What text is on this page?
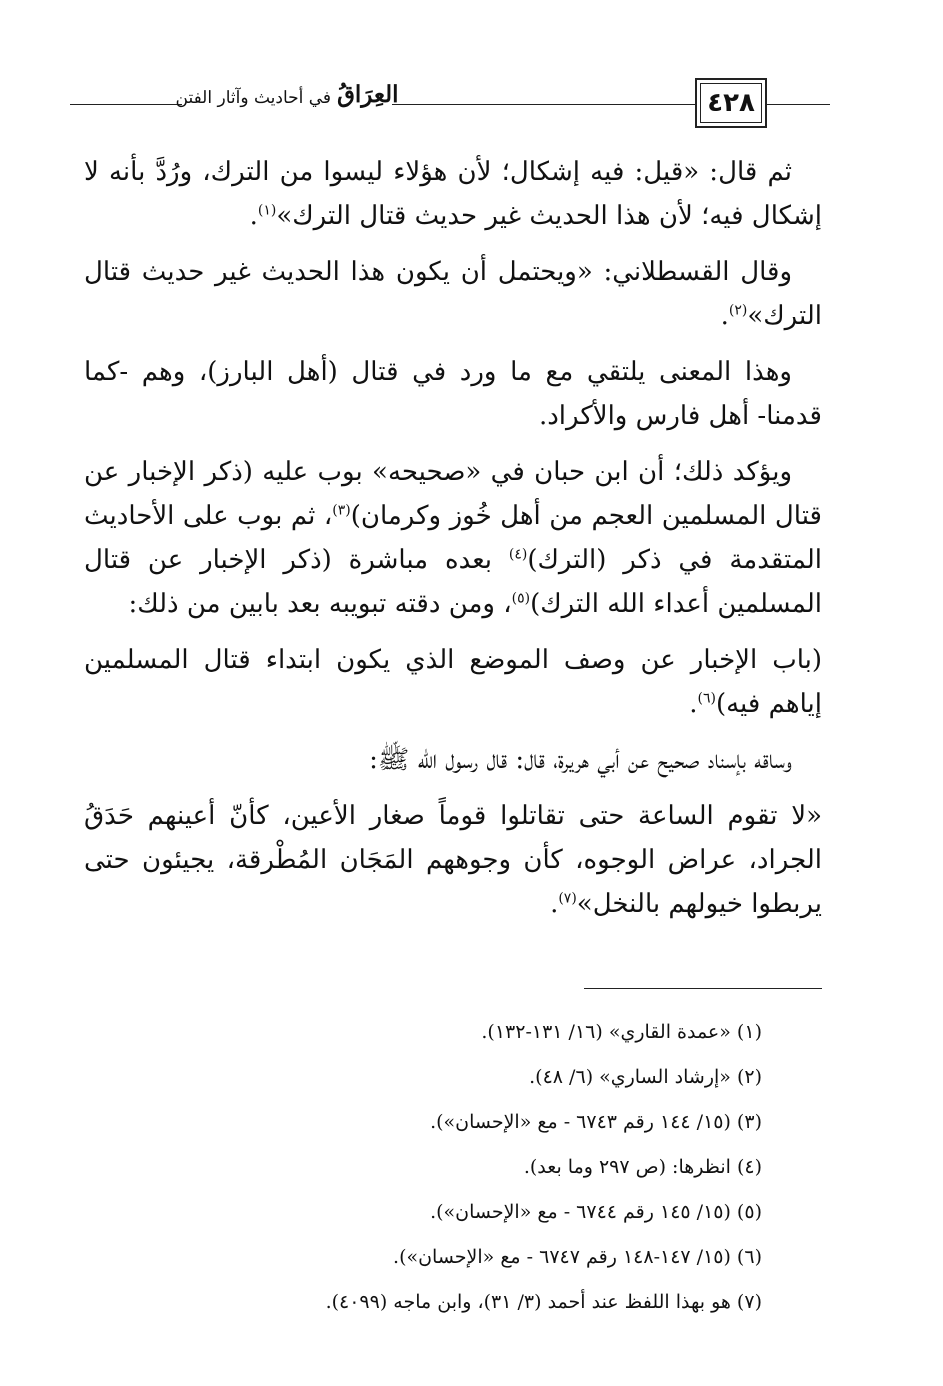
العِرَاقُ
في أحاديث وآثار الفتن	٤٢٨

ثم قال: «قيل: فيه إشكال؛ لأن هؤلاء ليسوا من الترك، ورُدَّ بأنه لا إشكال فيه؛ لأن هذا الحديث غير حديث قتال الترك»$^{(١)}$.

وقال القسطلاني: «ويحتمل أن يكون هذا الحديث غير حديث قتال الترك»$^{(٢)}$.

وهذا المعنى يلتقي مع ما ورد في قتال (أهل البارز)، وهم -كما قدمنا- أهل فارس والأكراد.

ويؤكد ذلك؛ أن ابن حبان في «صحيحه» بوب عليه (ذكر الإخبار عن قتال المسلمين العجم من أهل خُوز وكرمان)$^{(٣)}$، ثم بوب على الأحاديث المتقدمة في ذكر (الترك)$^{(٤)}$ بعده مباشرة (ذكر الإخبار عن قتال المسلمين أعداء الله الترك)$^{(٥)}$، ومن دقته تبويبه بعد بابين من ذلك:

(باب الإخبار عن وصف الموضع الذي يكون ابتداء قتال المسلمين إياهم فيه)$^{(٦)}$.

وساقه بإسناد صحيح عن أبي هريرة، قال: قال رسول الله ﷺ:

«لا تقوم الساعة حتى تقاتلوا قوماً صغار الأعين، كأنّ أعينهم حَدَقُ الجراد، عراض الوجوه، كأن وجوههم المَجَان المُطْرقة، يجيئون حتى يربطوا خيولهم بالنخل»$^{(٧)}$.

(١) «عمدة القاري» (١٦/ ١٣١-١٣٢).
(٢) «إرشاد الساري» (٦/ ٤٨).
(٣) (١٥/ ١٤٤ رقم ٦٧٤٣ - مع «الإحسان»).
(٤) انظرها: (ص ٢٩٧ وما بعد).
(٥) (١٥/ ١٤٥ رقم ٦٧٤٤ - مع «الإحسان»).
(٦) (١٥/ ١٤٧-١٤٨ رقم ٦٧٤٧ - مع «الإحسان»).
(٧) هو بهذا اللفظ عند أحمد (٣/ ٣١)، وابن ماجه (٤٠٩٩).
